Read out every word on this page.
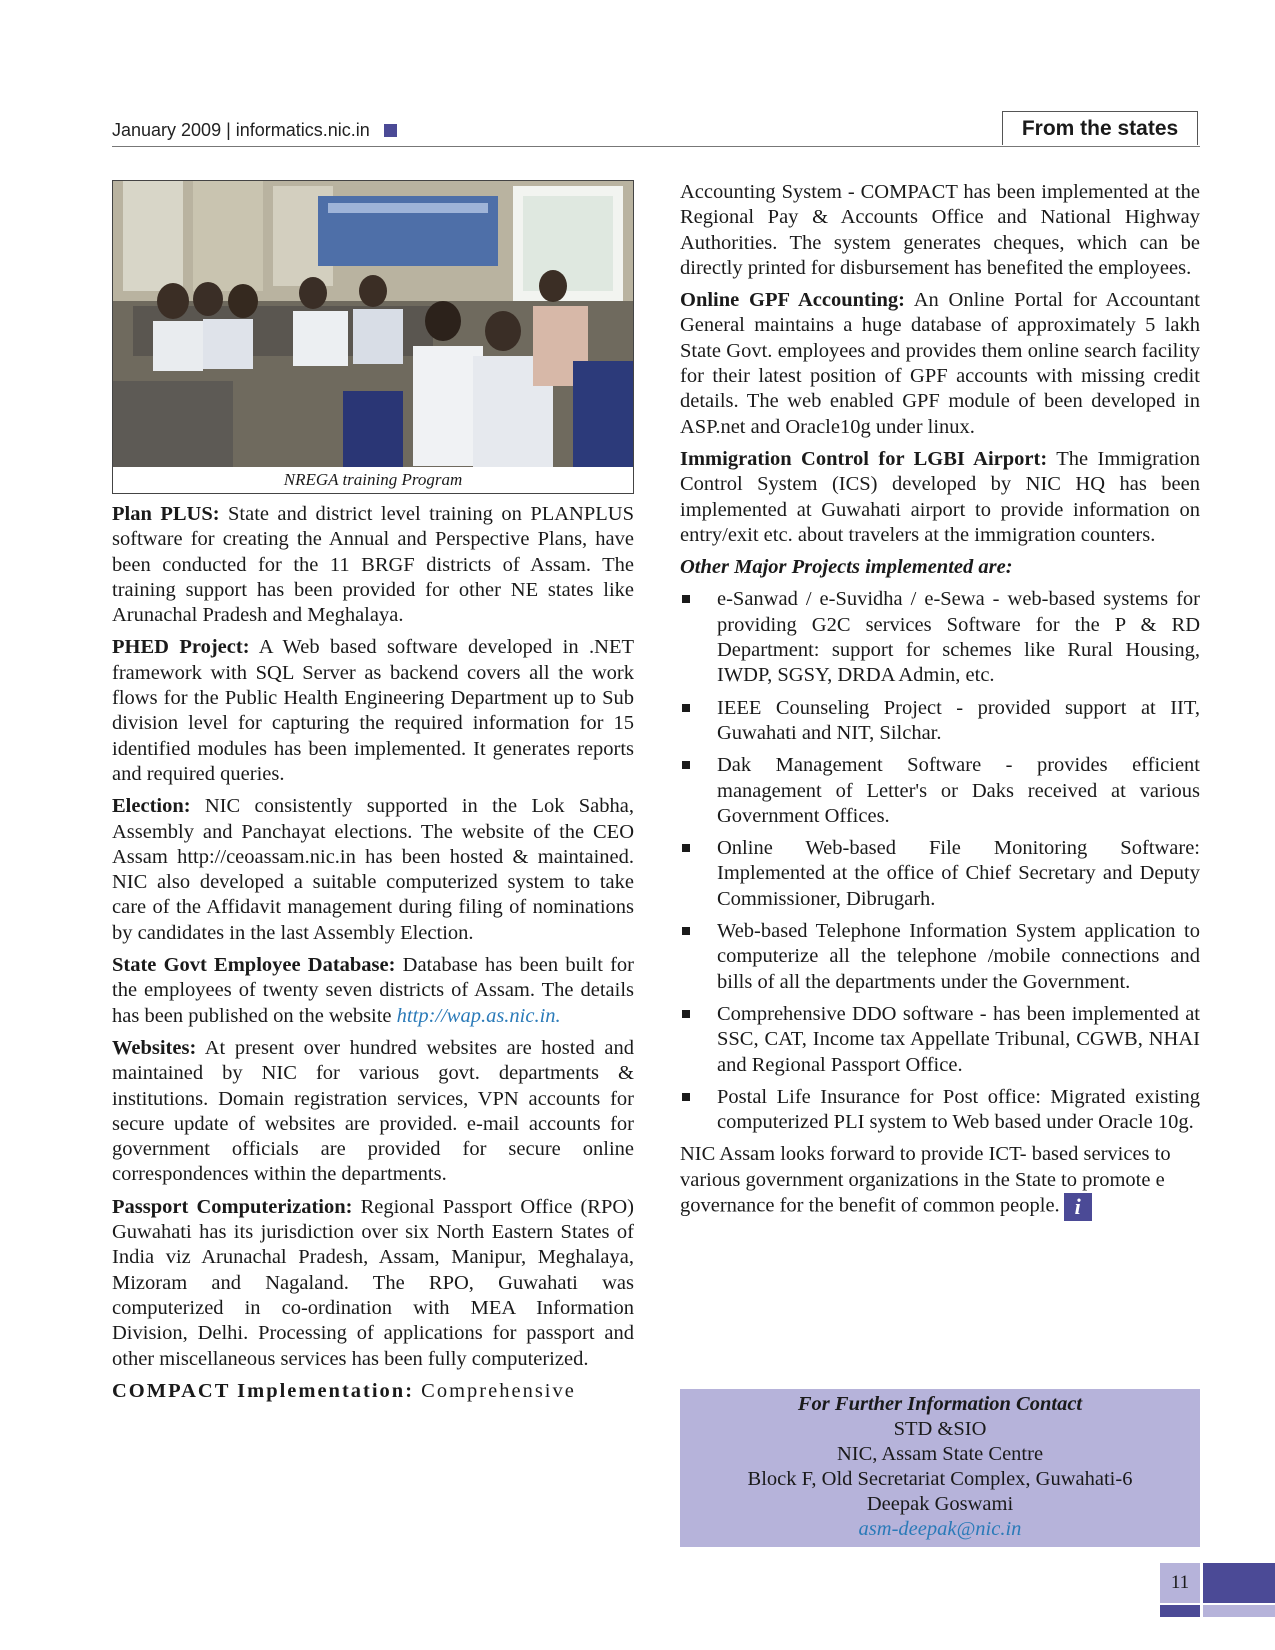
January 2009 | informatics.nic.in	From the states
NREGA training Program

Plan PLUS: State and district level training on PLANPLUS software for creating the Annual and Perspective Plans, have been conducted for the 11 BRGF districts of Assam. The training support has been provided for other NE states like Arunachal Pradesh and Meghalaya.

PHED Project: A Web based software developed in .NET framework with SQL Server as backend covers all the work flows for the Public Health Engineering Department up to Sub division level for capturing the required information for 15 identified modules has been implemented. It generates reports and required queries.

Election: NIC consistently supported in the Lok Sabha, Assembly and Panchayat elections. The website of the CEO Assam http://ceoassam.nic.in has been hosted & maintained. NIC also developed a suitable computerized system to take care of the Affidavit management during filing of nominations by candidates in the last Assembly Election.

State Govt Employee Database: Database has been built for the employees of twenty seven districts of Assam. The details has been published on the website http://wap.as.nic.in.

Websites: At present over hundred websites are hosted and maintained by NIC for various govt. departments & institutions. Domain registration services, VPN accounts for secure update of websites are provided. e-mail accounts for government officials are provided for secure online correspondences within the departments.

Passport Computerization: Regional Passport Office (RPO) Guwahati has its jurisdiction over six North Eastern States of India viz Arunachal Pradesh, Assam, Manipur, Meghalaya, Mizoram and Nagaland. The RPO, Guwahati was computerized in co-ordination with MEA Information Division, Delhi. Processing of applications for passport and other miscellaneous services has been fully computerized.

COMPACT Implementation: Comprehensive

Accounting System - COMPACT has been implemented at the Regional Pay & Accounts Office and National Highway Authorities. The system generates cheques, which can be directly printed for disbursement has benefited the employees.

Online GPF Accounting: An Online Portal for Accountant General maintains a huge database of approximately 5 lakh State Govt. employees and provides them online search facility for their latest position of GPF accounts with missing credit details. The web enabled GPF module of been developed in ASP.net and Oracle10g under linux.

Immigration Control for LGBI Airport: The Immigration Control System (ICS) developed by NIC HQ has been implemented at Guwahati airport to provide information on entry/exit etc. about travelers at the immigration counters.

Other Major Projects implemented are:

e-Sanwad / e-Suvidha / e-Sewa - web-based systems for providing G2C services Software for the P & RD Department: support for schemes like Rural Housing, IWDP, SGSY, DRDA Admin, etc.
IEEE Counseling Project - provided support at IIT, Guwahati and NIT, Silchar.
Dak Management Software - provides efficient management of Letter's or Daks received at various Government Offices.
Online Web-based File Monitoring Software: Implemented at the office of Chief Secretary and Deputy Commissioner, Dibrugarh.
Web-based Telephone Information System application to computerize all the telephone /mobile connections and bills of all the departments under the Government.
Comprehensive DDO software - has been implemented at SSC, CAT, Income tax Appellate Tribunal, CGWB, NHAI and Regional Passport Office.
Postal Life Insurance for Post office: Migrated existing computerized PLI system to Web based under Oracle 10g.

NIC Assam looks forward to provide ICT- based services to various government organizations in the State to promote e governance for the benefit of common people. i

For Further Information Contact
STD &SIO
NIC, Assam State Centre
Block F, Old Secretariat Complex, Guwahati-6
Deepak Goswami
asm-deepak@nic.in
11
